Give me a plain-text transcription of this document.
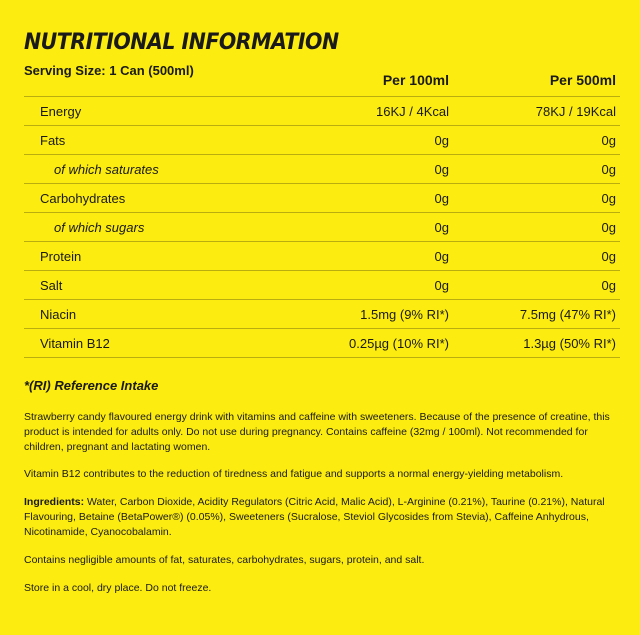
NUTRITIONAL INFORMATION
Serving Size: 1 Can (500ml)
Per 100ml	Per 500ml
Energy	16KJ / 4Kcal	78KJ / 19Kcal
Fats	0g	0g
of which saturates	0g	0g
Carbohydrates	0g	0g
of which sugars	0g	0g
Protein	0g	0g
Salt	0g	0g
Niacin	1.5mg (9% RI*)	7.5mg (47% RI*)
Vitamin B12	0.25µg (10% RI*)	1.3µg (50% RI*)
*(RI) Reference Intake

Strawberry candy flavoured energy drink with vitamins and caffeine with sweeteners. Because of the presence of creatine, this product is intended for adults only. Do not use during pregnancy. Contains caffeine (32mg / 100ml). Not recommended for children, pregnant and lactating women.

Vitamin B12 contributes to the reduction of tiredness and fatigue and supports a normal energy-yielding metabolism.

Ingredients: Water, Carbon Dioxide, Acidity Regulators (Citric Acid, Malic Acid), L-Arginine (0.21%), Taurine (0.21%), Natural Flavouring, Betaine (BetaPower®) (0.05%), Sweeteners (Sucralose, Steviol Glycosides from Stevia), Caffeine Anhydrous, Nicotinamide, Cyanocobalamin.

Contains negligible amounts of fat, saturates, carbohydrates, sugars, protein, and salt.

Store in a cool, dry place. Do not freeze.
